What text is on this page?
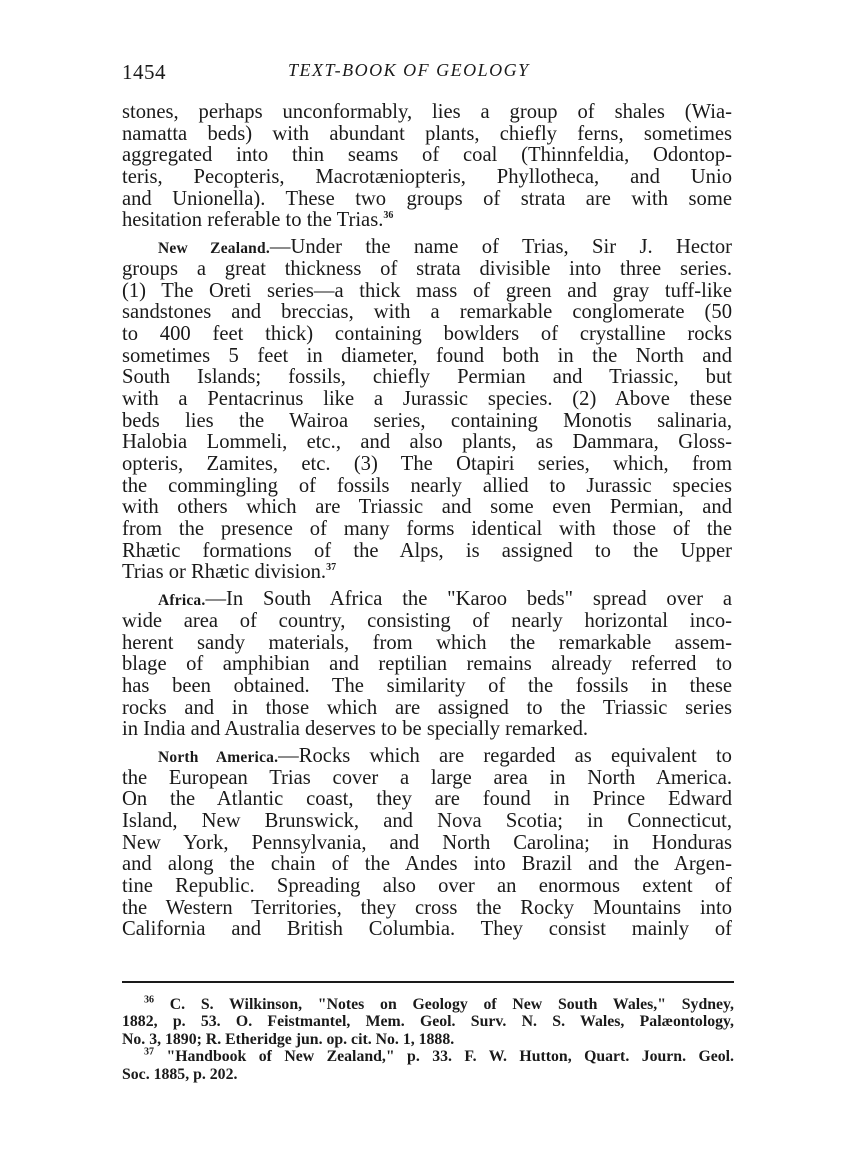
1454	TEXT-BOOK OF GEOLOGY
stones, perhaps unconformably, lies a group of shales (Wia-
namatta beds) with abundant plants, chiefly ferns, sometimes
aggregated into thin seams of coal (Thinnfeldia, Odontop-
teris, Pecopteris, Macrotæniopteris, Phyllotheca, and Unio
and Unionella). These two groups of strata are with some
hesitation referable to the Trias.$^{36}$
New Zealand.—Under the name of Trias, Sir J. Hector
groups a great thickness of strata divisible into three series.
(1) The Oreti series—a thick mass of green and gray tuff-like
sandstones and breccias, with a remarkable conglomerate (50
to 400 feet thick) containing bowlders of crystalline rocks
sometimes 5 feet in diameter, found both in the North and
South Islands; fossils, chiefly Permian and Triassic, but
with a Pentacrinus like a Jurassic species. (2) Above these
beds lies the Wairoa series, containing Monotis salinaria,
Halobia Lommeli, etc., and also plants, as Dammara, Gloss-
opteris, Zamites, etc. (3) The Otapiri series, which, from
the commingling of fossils nearly allied to Jurassic species
with others which are Triassic and some even Permian, and
from the presence of many forms identical with those of the
Rhætic formations of the Alps, is assigned to the Upper
Trias or Rhætic division.$^{37}$
Africa.—In South Africa the "Karoo beds" spread over a
wide area of country, consisting of nearly horizontal inco-
herent sandy materials, from which the remarkable assem-
blage of amphibian and reptilian remains already referred to
has been obtained. The similarity of the fossils in these
rocks and in those which are assigned to the Triassic series
in India and Australia deserves to be specially remarked.
North America.—Rocks which are regarded as equivalent to
the European Trias cover a large area in North America.
On the Atlantic coast, they are found in Prince Edward
Island, New Brunswick, and Nova Scotia; in Connecticut,
New York, Pennsylvania, and North Carolina; in Honduras
and along the chain of the Andes into Brazil and the Argen-
tine Republic. Spreading also over an enormous extent of
the Western Territories, they cross the Rocky Mountains into
California and British Columbia. They consist mainly of
$^{36}$ C. S. Wilkinson, "Notes on Geology of New South Wales," Sydney,
1882, p. 53. O. Feistmantel, Mem. Geol. Surv. N. S. Wales, Palæontology,
No. 3, 1890; R. Etheridge jun. op. cit. No. 1, 1888.
$^{37}$ "Handbook of New Zealand," p. 33. F. W. Hutton, Quart. Journ. Geol.
Soc. 1885, p. 202.
